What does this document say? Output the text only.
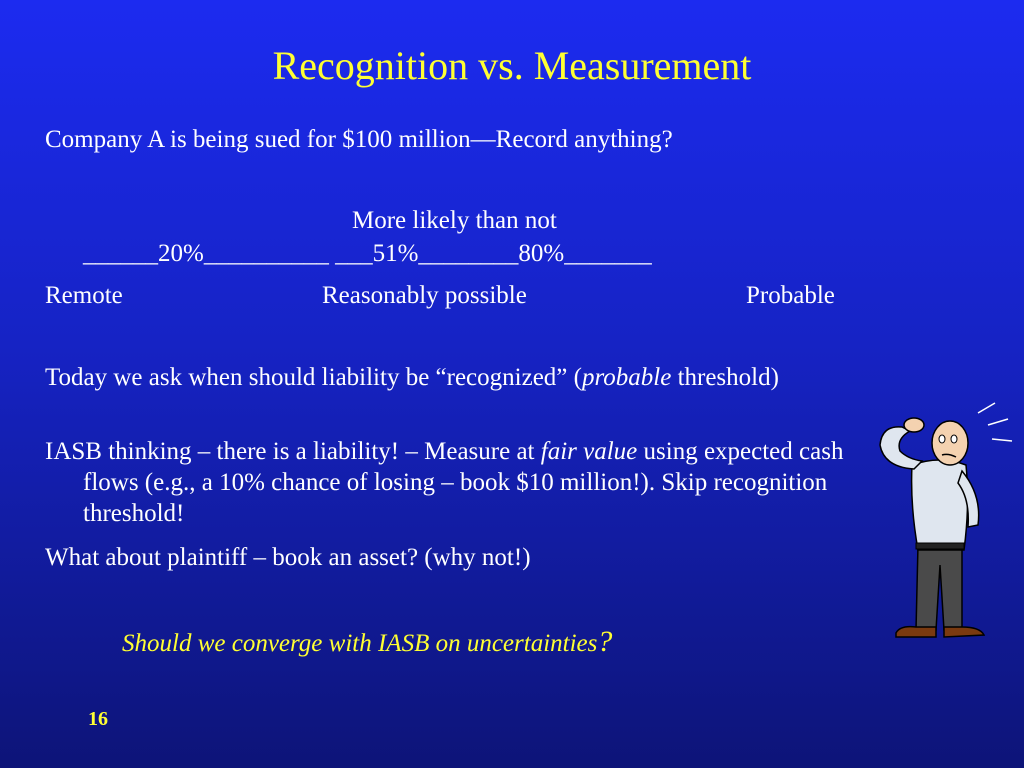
Recognition vs. Measurement
Company A is being sued for $100 million—Record anything?
More likely than not
______20%__________ ___51%________80%_______
Remote	Reasonably possible	Probable
Today we ask when should liability be “recognized” (probable threshold)
IASB thinking – there is a liability! – Measure at fair value using expected cash flows (e.g., a 10% chance of losing – book $10 million!). Skip recognition threshold!
What about plaintiff – book an asset? (why not!)
Should we converge with IASB on uncertainties?
16
